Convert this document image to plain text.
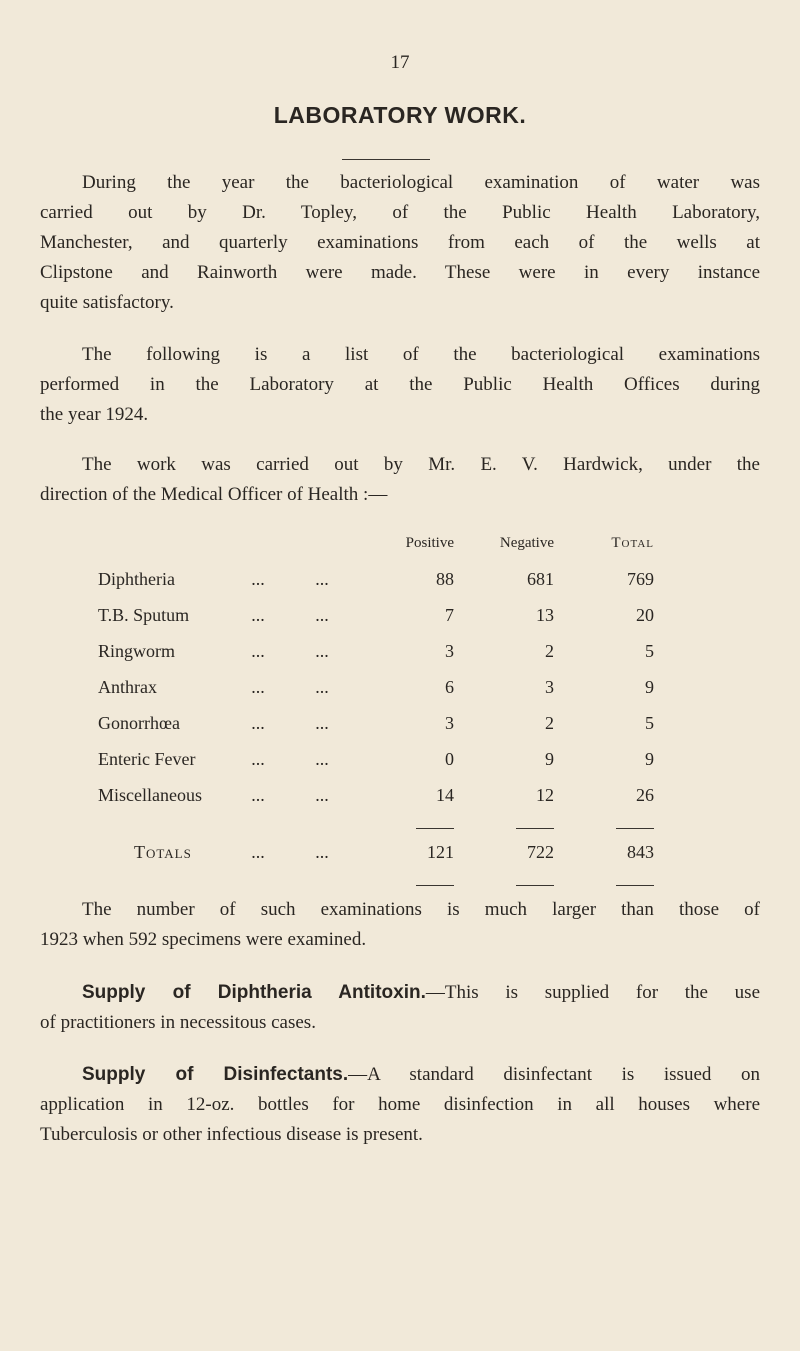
17
LABORATORY WORK.
During the year the bacteriological examination of water was
carried out by Dr. Topley, of the Public Health Laboratory,
Manchester, and quarterly examinations from each of the wells at
Clipstone and Rainworth were made. These were in every instance
quite satisfactory.
The following is a list of the bacteriological examinations
performed in the Laboratory at the Public Health Offices during
the year 1924.
The work was carried out by Mr. E. V. Hardwick, under the
direction of the Medical Officer of Health :—
			Positive	Negative	Total
Diphtheria	...	...	88	681	769
T.B. Sputum	...	...	7	13	20
Ringworm	...	...	3	2	5
Anthrax	...	...	6	3	9
Gonorrhœa	...	...	3	2	5
Enteric Fever	...	...	0	9	9
Miscellaneous	...	...	14	12	26

Totals	...	...	121	722	843

The number of such examinations is much larger than those of
1923 when 592 specimens were examined.
Supply of Diphtheria Antitoxin.—This is supplied for the use
of practitioners in necessitous cases.
Supply of Disinfectants.—A standard disinfectant is issued on
application in 12-oz. bottles for home disinfection in all houses where
Tuberculosis or other infectious disease is present.
